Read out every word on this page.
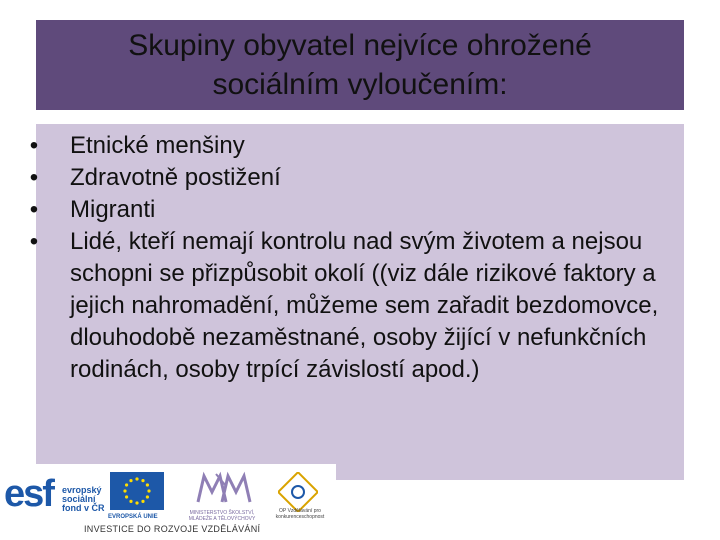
Skupiny obyvatel nejvíce ohrožené
sociálním vyloučením:
• Etnické menšiny
• Zdravotně postižení
• Migranti
• Lidé, kteří nemají kontrolu nad svým životem a nejsou schopni se přizpůsobit okolí ((viz dále rizikové faktory a jejich nahromadění, můžeme sem zařadit bezdomovce, dlouhodobě nezaměstnané, osoby žijící v nefunkčních rodinách, osoby trpící závislostí apod.)
esf	evropský sociální fond v ČR
EVROPSKÁ UNIE
MINISTERSTVO ŠKOLSTVÍ, MLÁDEŽE A TĚLOVÝCHOVY
OP Vzdělávání pro konkurenceschopnost
INVESTICE DO ROZVOJE VZDĚLÁVÁNÍ
